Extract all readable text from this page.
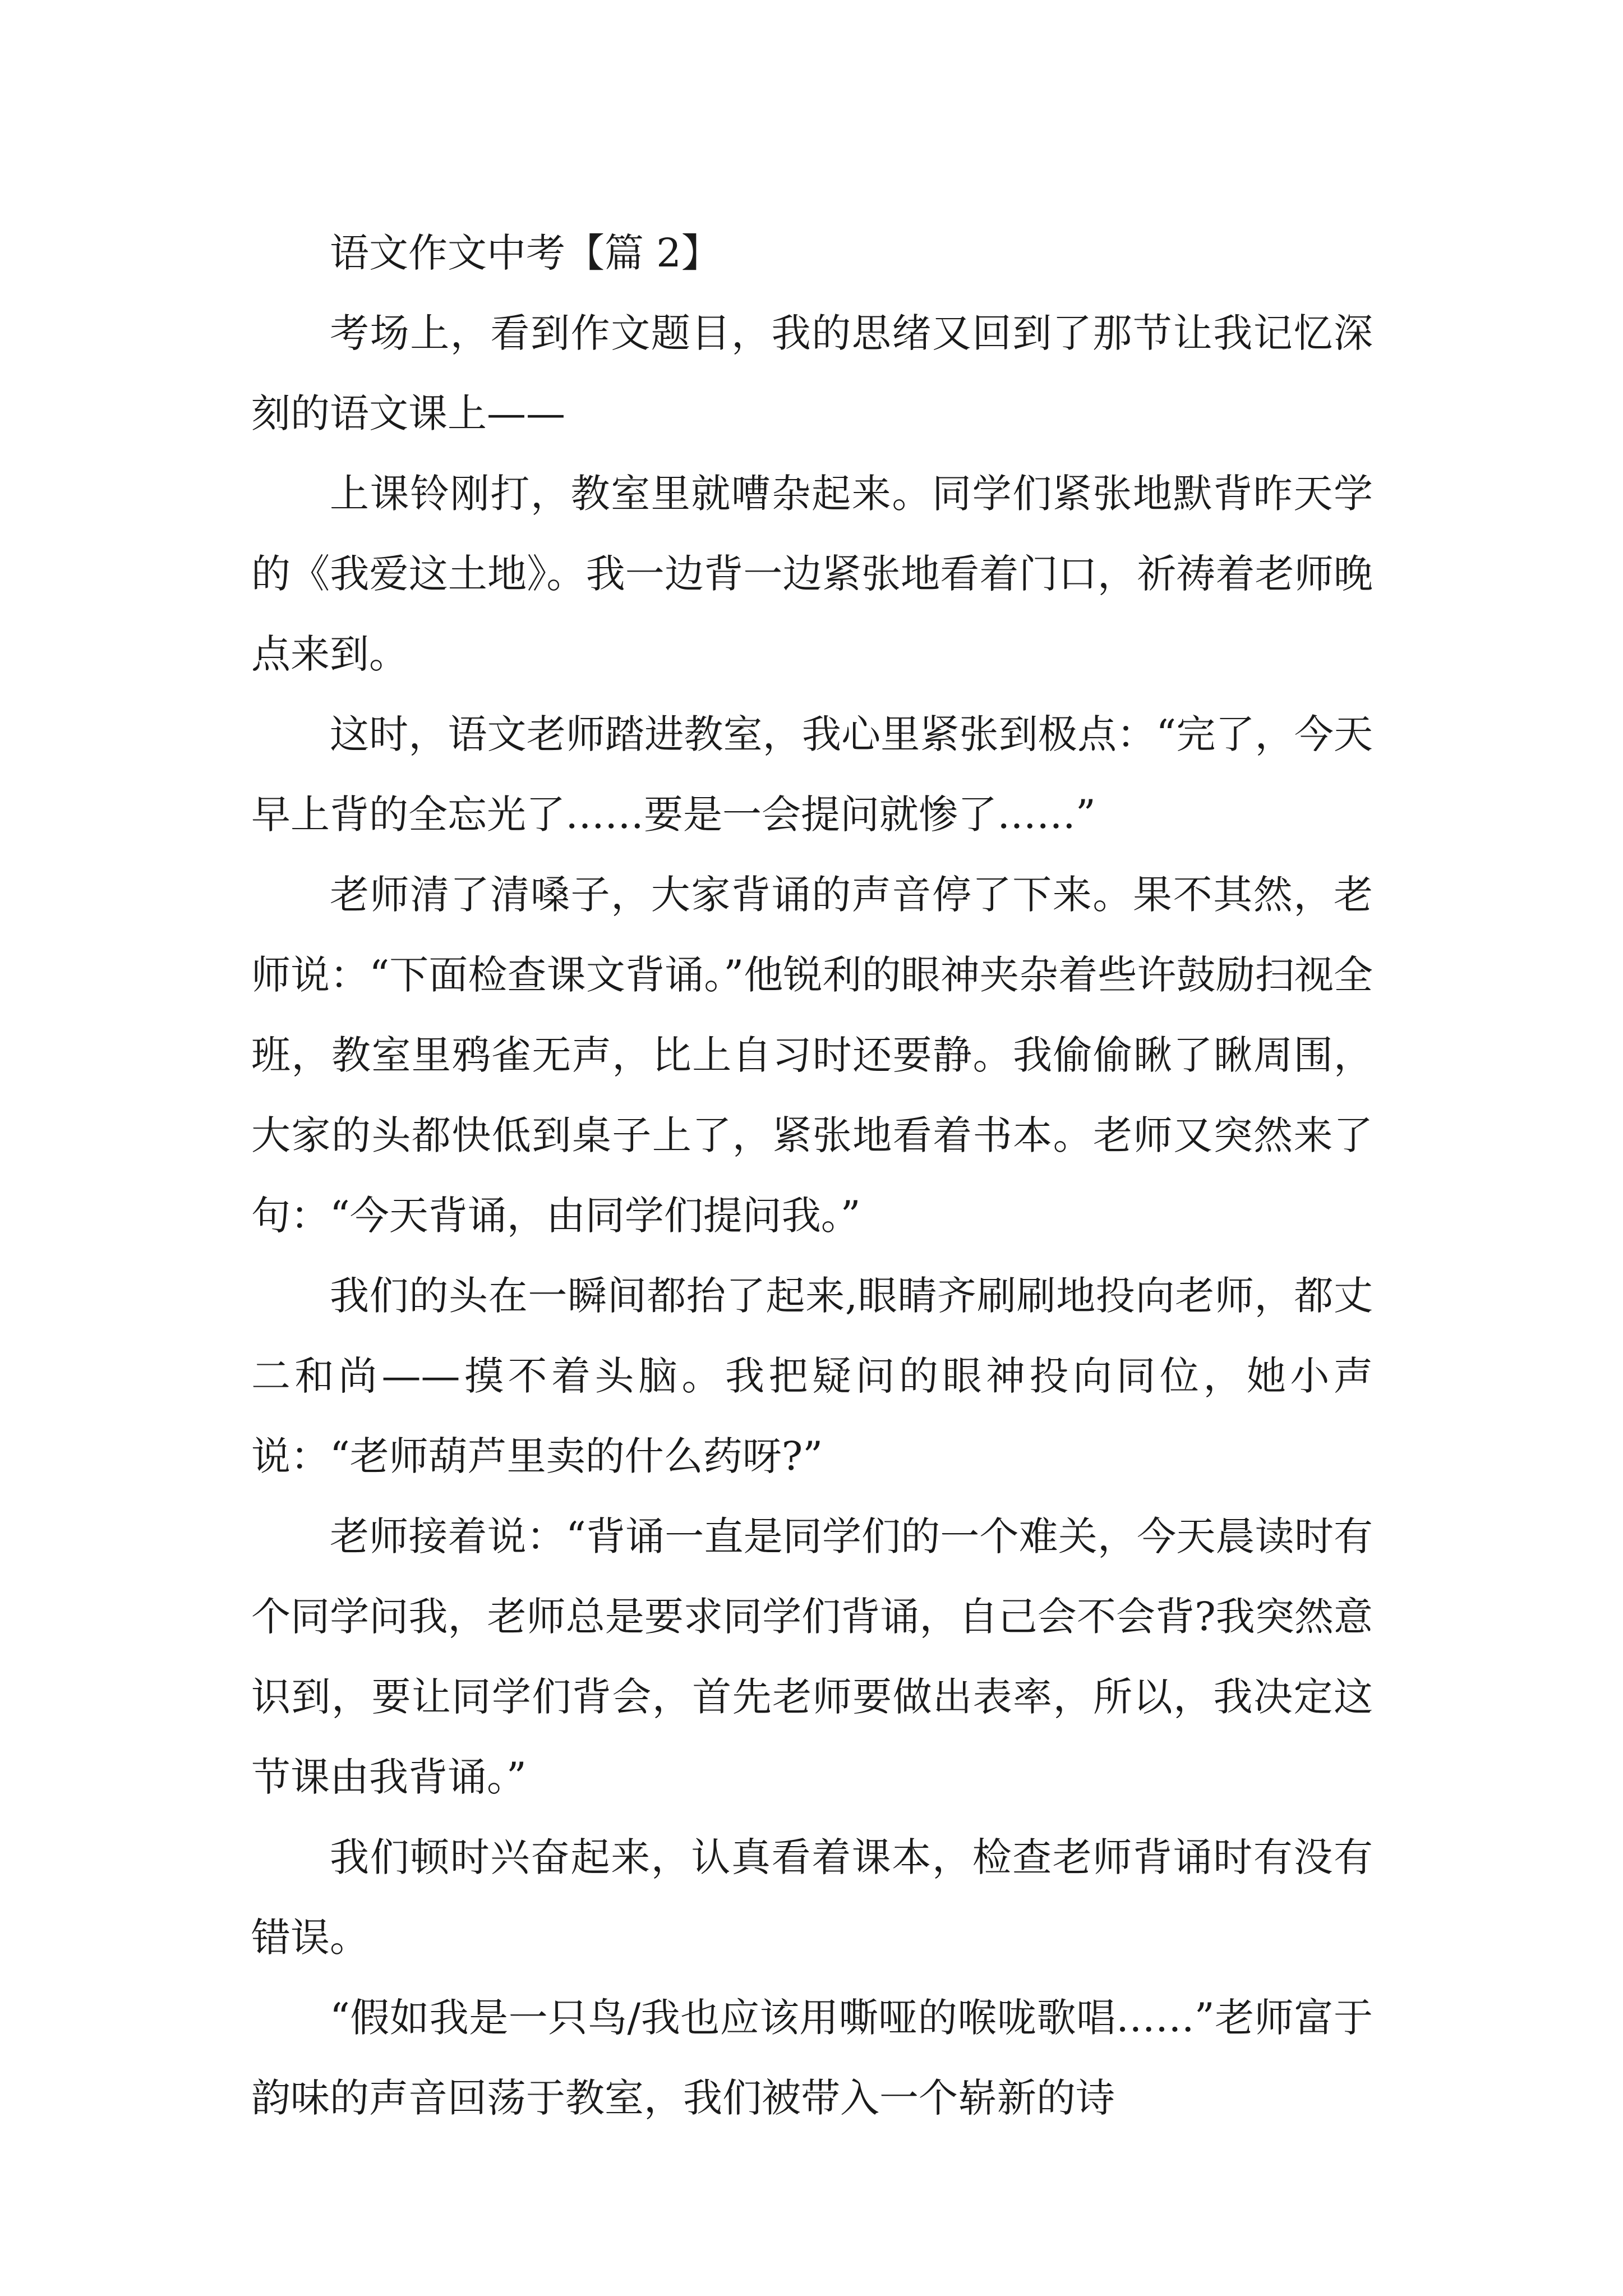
语文作文中考【篇 2】

考场上，看到作文题目，我的思绪又回到了那节让我记忆深刻的语文课上——

上课铃刚打，教室里就嘈杂起来。同学们紧张地默背昨天学的《我爱这土地》。我一边背一边紧张地看着门口，祈祷着老师晚点来到。

这时，语文老师踏进教室，我心里紧张到极点：“完了，今天早上背的全忘光了……要是一会提问就惨了……”

老师清了清嗓子，大家背诵的声音停了下来。果不其然，老师说：“下面检查课文背诵。”他锐利的眼神夹杂着些许鼓励扫视全班，教室里鸦雀无声，比上自习时还要静。我偷偷瞅了瞅周围，大家的头都快低到桌子上了，紧张地看着书本。老师又突然来了句：“今天背诵，由同学们提问我。”

我们的头在一瞬间都抬了起来,眼睛齐刷刷地投向老师，都丈二和尚——摸不着头脑。我把疑问的眼神投向同位，她小声说：“老师葫芦里卖的什么药呀?”

老师接着说：“背诵一直是同学们的一个难关，今天晨读时有个同学问我，老师总是要求同学们背诵，自己会不会背?我突然意识到，要让同学们背会，首先老师要做出表率，所以，我决定这节课由我背诵。”

我们顿时兴奋起来，认真看着课本，检查老师背诵时有没有错误。

“假如我是一只鸟/我也应该用嘶哑的喉咙歌唱……”老师富于韵味的声音回荡于教室，我们被带入一个崭新的诗
